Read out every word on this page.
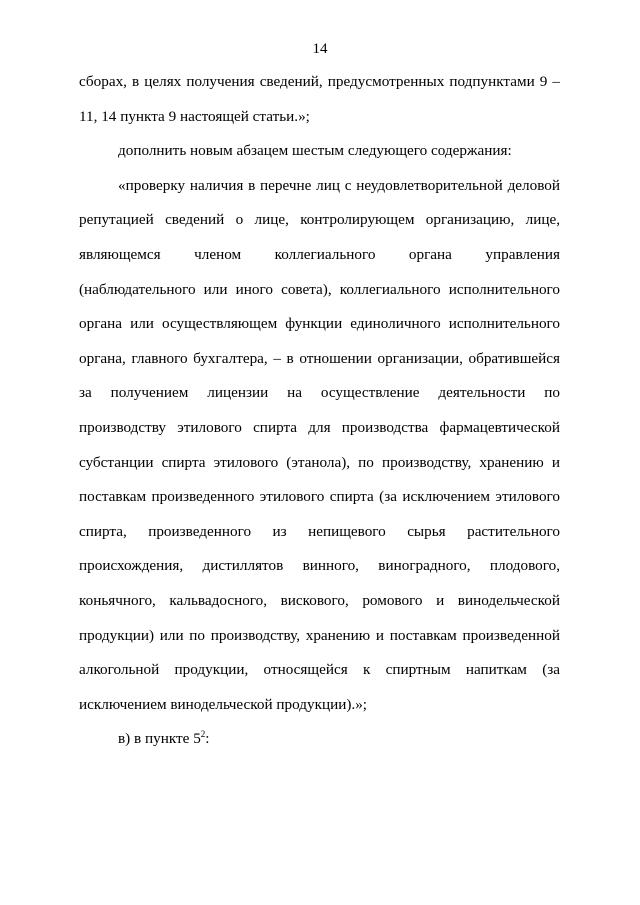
14

сборах, в целях получения сведений, предусмотренных подпунктами 9 – 11, 14 пункта 9 настоящей статьи.»;

дополнить новым абзацем шестым следующего содержания:

«проверку наличия в перечне лиц с неудовлетворительной деловой репутацией сведений о лице, контролирующем организацию, лице, являющемся членом коллегиального органа управления (наблюдательного или иного совета), коллегиального исполнительного органа или осуществляющем функции единоличного исполнительного органа, главного бухгалтера, – в отношении организации, обратившейся за получением лицензии на осуществление деятельности по производству этилового спирта для производства фармацевтической субстанции спирта этилового (этанола), по производству, хранению и поставкам произведенного этилового спирта (за исключением этилового спирта, произведенного из непищевого сырья растительного происхождения, дистиллятов винного, виноградного, плодового, коньячного, кальвадосного, вискового, ромового и винодельческой продукции) или по производству, хранению и поставкам произведенной алкогольной продукции, относящейся к спиртным напиткам (за исключением винодельческой продукции).»;

в) в пункте $5^2$:
